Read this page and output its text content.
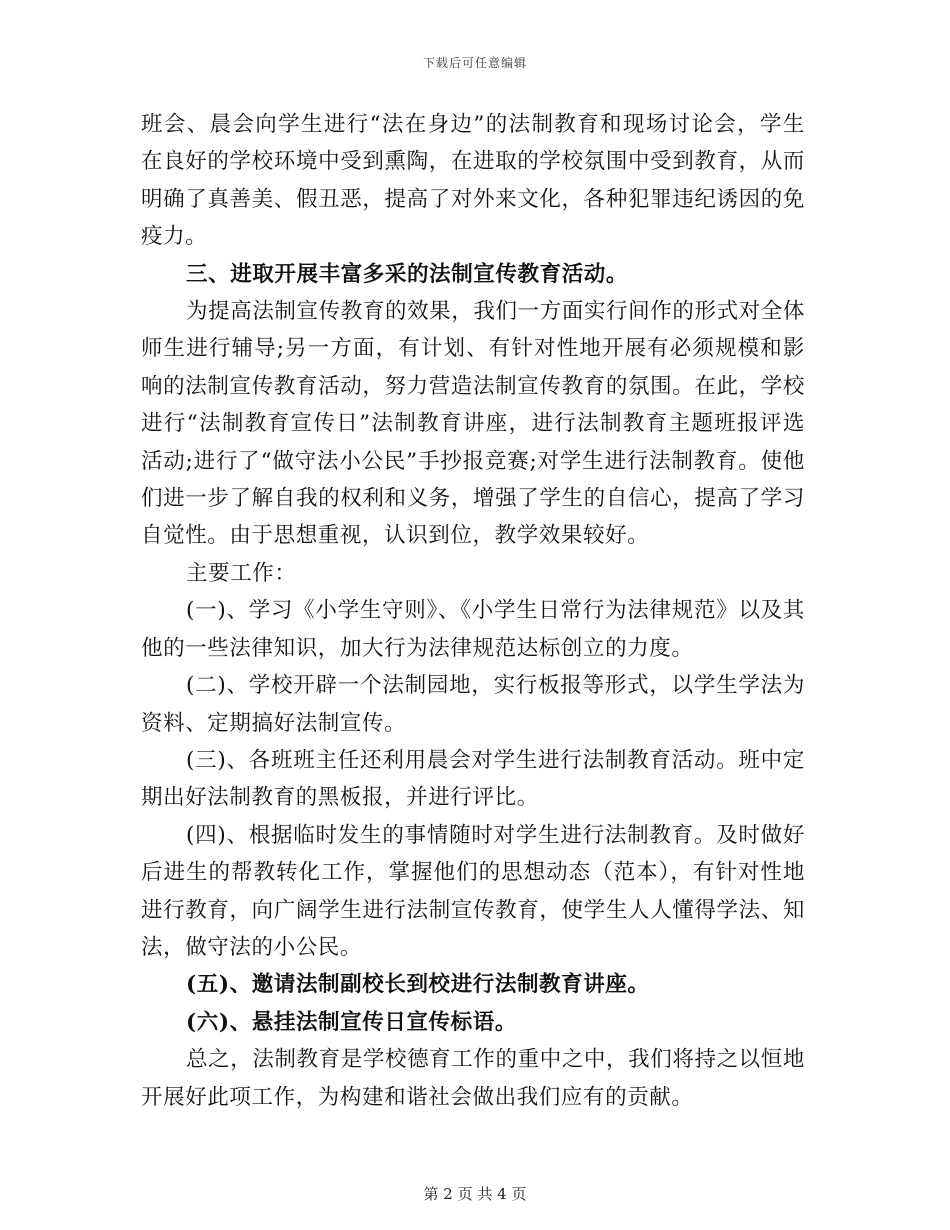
下载后可任意编辑

班会、晨会向学生进行“法在身边”的法制教育和现场讨论会，学生在良好的学校环境中受到熏陶，在进取的学校氛围中受到教育，从而明确了真善美、假丑恶，提高了对外来文化，各种犯罪违纪诱因的免疫力。

三、进取开展丰富多采的法制宣传教育活动。

为提高法制宣传教育的效果，我们一方面实行间作的形式对全体师生进行辅导;另一方面，有计划、有针对性地开展有必须规模和影响的法制宣传教育活动，努力营造法制宣传教育的氛围。在此，学校进行“法制教育宣传日”法制教育讲座，进行法制教育主题班报评选活动;进行了“做守法小公民”手抄报竞赛;对学生进行法制教育。使他们进一步了解自我的权利和义务，增强了学生的自信心，提高了学习自觉性。由于思想重视，认识到位，教学效果较好。

主要工作：

(一)、学习《小学生守则》、《小学生日常行为法律规范》以及其他的一些法律知识，加大行为法律规范达标创立的力度。

(二)、学校开辟一个法制园地，实行板报等形式，以学生学法为资料、定期搞好法制宣传。

(三)、各班班主任还利用晨会对学生进行法制教育活动。班中定期出好法制教育的黑板报，并进行评比。

(四)、根据临时发生的事情随时对学生进行法制教育。及时做好后进生的帮教转化工作，掌握他们的思想动态（范本），有针对性地进行教育，向广阔学生进行法制宣传教育，使学生人人懂得学法、知法，做守法的小公民。

(五)、邀请法制副校长到校进行法制教育讲座。

(六)、悬挂法制宣传日宣传标语。

总之，法制教育是学校德育工作的重中之中，我们将持之以恒地开展好此项工作，为构建和谐社会做出我们应有的贡献。

第 2 页 共 4 页
